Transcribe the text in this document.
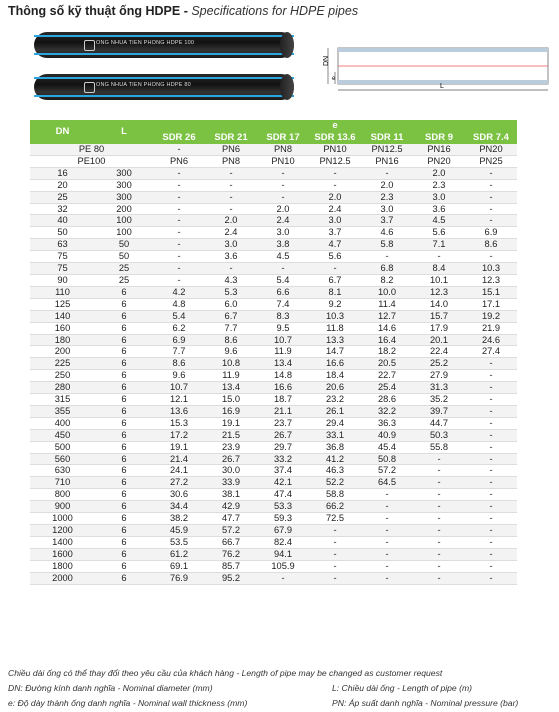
Thông số kỹ thuật ống HDPE - Specifications for HDPE pipes
ONG NHUA TIEN PHONG HDPE 100
ONG NHUA TIEN PHONG HDPE 80
DN
e
L
DN	L	e						
		SDR 26	SDR 21	SDR 17	SDR 13.6	SDR 11	SDR 9	SDR 7.4
PE 80		-	PN6	PN8	PN10	PN12.5	PN16	PN20
PE100		PN6	PN8	PN10	PN12.5	PN16	PN20	PN25
16	300	-	-	-	-	-	2.0	-
20	300	-	-	-	-	2.0	2.3	-
25	300	-	-	-	2.0	2.3	3.0	-
32	200	-	-	2.0	2.4	3.0	3.6	-
40	100	-	2.0	2.4	3.0	3.7	4.5	-
50	100	-	2.4	3.0	3.7	4.6	5.6	6.9
63	50	-	3.0	3.8	4.7	5.8	7.1	8.6
75	50	-	3.6	4.5	5.6	-	-	-
75	25	-	-	-	-	6.8	8.4	10.3
90	25	-	4.3	5.4	6.7	8.2	10.1	12.3
110	6	4.2	5.3	6.6	8.1	10.0	12.3	15.1
125	6	4.8	6.0	7.4	9.2	11.4	14.0	17.1
140	6	5.4	6.7	8.3	10.3	12.7	15.7	19.2
160	6	6.2	7.7	9.5	11.8	14.6	17.9	21.9
180	6	6.9	8.6	10.7	13.3	16.4	20.1	24.6
200	6	7.7	9.6	11.9	14.7	18.2	22.4	27.4
225	6	8.6	10.8	13.4	16.6	20.5	25.2	-
250	6	9.6	11.9	14.8	18.4	22.7	27.9	-
280	6	10.7	13.4	16.6	20.6	25.4	31.3	-
315	6	12.1	15.0	18.7	23.2	28.6	35.2	-
355	6	13.6	16.9	21.1	26.1	32.2	39.7	-
400	6	15.3	19.1	23.7	29.4	36.3	44.7	-
450	6	17.2	21.5	26.7	33.1	40.9	50.3	-
500	6	19.1	23.9	29.7	36.8	45.4	55.8	-
560	6	21.4	26.7	33.2	41.2	50.8	-	-
630	6	24.1	30.0	37.4	46.3	57.2	-	-
710	6	27.2	33.9	42.1	52.2	64.5	-	-
800	6	30.6	38.1	47.4	58.8	-	-	-
900	6	34.4	42.9	53.3	66.2	-	-	-
1000	6	38.2	47.7	59.3	72.5	-	-	-
1200	6	45.9	57.2	67.9	-	-	-	-
1400	6	53.5	66.7	82.4	-	-	-	-
1600	6	61.2	76.2	94.1	-	-	-	-
1800	6	69.1	85.7	105.9	-	-	-	-
2000	6	76.9	95.2	-	-	-	-	-
Chiều dài ống có thể thay đổi theo yêu cầu của khách hàng - Length of pipe may be changed as customer request
DN: Đường kính danh nghĩa - Nominal diameter (mm)	L: Chiều dài ống - Length of pipe (m)
e: Độ dày thành ống danh nghĩa - Nominal wall thickness (mm)	PN: Áp suất danh nghĩa - Nominal pressure (bar)
